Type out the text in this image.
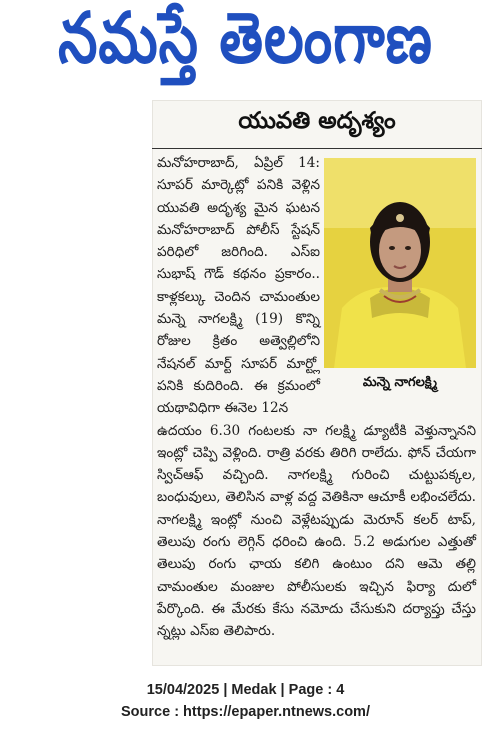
నమస్తే తెలంగాణ
యువతి అదృశ్యం
మన్నె నాగలక్ష్మి

మనోహరాబాద్, ఏప్రిల్ 14: సూపర్ మార్కెట్లో పనికి వెళ్లిన యువతి అదృశ్య మైన ఘటన మనోహరాబాద్ పోలీస్ స్టేషన్ పరిధిలో జరిగింది. ఎస్ఐ సుభాష్ గౌడ్ కథనం ప్రకారం.. కాళ్లకల్కు చెందిన చామంతుల మన్నె నాగలక్ష్మి (19) కొన్ని రోజుల క్రితం అత్వెల్లిలోని నేషనల్ మార్ట్ సూపర్ మార్ట్లో పనికి కుదిరింది. ఈ క్రమంలో యథావిధిగా ఈనెల 12న

ఉదయం 6.30 గంటలకు నా గలక్ష్మి డ్యూటీకి వెళ్తున్నానని ఇంట్లో చెప్పి వెళ్లింది. రాత్రి వరకు తిరిగి రాలేదు. ఫోన్ చేయగా స్విచ్ఆఫ్ వచ్చింది. నాగలక్ష్మి గురించి చుట్టుపక్కల, బంధువులు, తెలిసిన వాళ్ల వద్ద వెతికినా ఆచూకీ లభించలేదు. నాగలక్ష్మి ఇంట్లో నుంచి వెళ్లేటప్పుడు మెరూన్ కలర్ టాప్, తెలుపు రంగు లెగ్గిన్ ధరించి ఉంది. 5.2 అడుగుల ఎత్తుతో తెలుపు రంగు ఛాయ కలిగి ఉంటుం దని ఆమె తల్లి చామంతుల మంజుల పోలీసులకు ఇచ్చిన ఫిర్యా దులో పేర్కొంది. ఈ మేరకు కేసు నమోదు చేసుకుని దర్యాప్తు చేస్తు న్నట్లు ఎస్ఐ తెలిపారు.

15/04/2025 | Medak | Page : 4
Source : https://epaper.ntnews.com/
